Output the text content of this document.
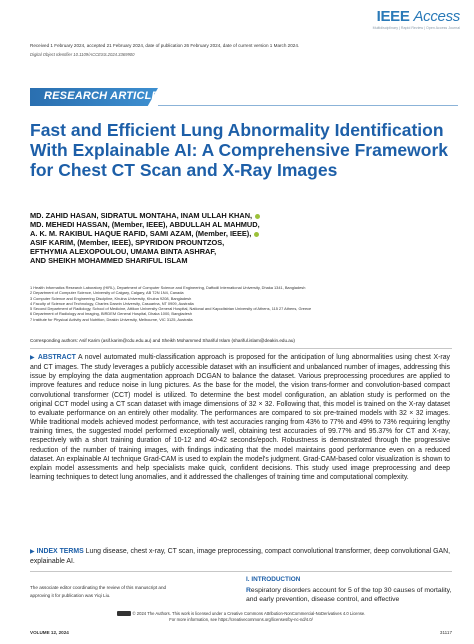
IEEE Access
Multidisciplinary | Rapid Review | Open Access Journal
Received 1 February 2024, accepted 21 February 2024, date of publication 26 February 2024, date of current version 1 March 2024.
Digital Object Identifier 10.1109/ACCESS.2024.3369900
RESEARCH ARTICLE
Fast and Efficient Lung Abnormality Identification With Explainable AI: A Comprehensive Framework for Chest CT Scan and X-Ray Images
MD. ZAHID HASAN, SIDRATUL MONTAHA, INAM ULLAH KHAN,
MD. MEHEDI HASSAN, (Member, IEEE), ABDULLAH AL MAHMUD,
A. K. M. RAKIBUL HAQUE RAFID, SAMI AZAM, (Member, IEEE),
ASIF KARIM, (Member, IEEE), SPYRIDON PROUNTZOS,
EFTHYMIA ALEXOPOULOU, UMAMA BINTA ASHRAF,
AND SHEIKH MOHAMMED SHARIFUL ISLAM
1 Health Informatics Research Laboratory (HIRL), Department of Computer Science and Engineering, Daffodil International University, Dhaka 1341, Bangladesh
2 Department of Computer Science, University of Calgary, Calgary, AB T2N 1N4, Canada
3 Computer Science and Engineering Discipline, Khulna University, Khulna 9208, Bangladesh
4 Faculty of Science and Technology, Charles Darwin University, Casuarina, NT 0909, Australia
5 Second Department of Radiology, School of Medicine, Attikon University General Hospital, National and Kapodistrian University of Athens, 115 27 Athens, Greece
6 Department of Radiology and Imaging, BIRDEM General Hospital, Dhaka 1000, Bangladesh
7 Institute for Physical Activity and Nutrition, Deakin University, Melbourne, VIC 3125, Australia
Corresponding authors: Asif Karim (asif.karim@cdu.edu.au) and Sheikh Mohammed Shariful Islam (shariful.islam@deakin.edu.au)
▶ ABSTRACT A novel automated multi-classification approach is proposed for the anticipation of lung abnormalities using chest X-ray and CT images. The study leverages a publicly accessible dataset with an insufficient and unbalanced number of images, addressing this issue by employing the data augmentation approach DCGAN to balance the dataset. Various preprocessing procedures are applied to improve features and reduce noise in lung pictures. As the base for the model, the vision trans-former and convolution-based compact convolutional transformer (CCT) model is utilized. To determine the best model configuration, an ablation study is performed on the original CCT model using a CT scan dataset with image dimensions of 32 × 32. Following that, this model is trained on the X-ray dataset to evaluate performance on an entirely other modality. The performances are compared to six pre-trained models with 32 × 32 images. While traditional models achieved modest performance, with test accuracies ranging from 43% to 77% and 49% to 73% requiring lengthy training times, the suggested model performed exceptionally well, obtaining test accuracies of 99.77% and 95.37% for CT and X-ray, respectively with a short training duration of 10-12 and 40-42 seconds/epoch. Robustness is demonstrated through the progressive reduction of the number of training images, with findings indicating that the model maintains good performance even on a reduced dataset. An explainable AI technique Grad-CAM is used to explain the model's judgment. Grad-CAM-based color visualization is shown to explain model assessments and help specialists make quick, confident decisions. This study used image preprocessing and deep learning techniques to detect lung anomalies, and it addressed the challenges of training time and computational complexity.
▶ INDEX TERMS Lung disease, chest x-ray, CT scan, image preprocessing, compact convolutional transformer, deep convolutional GAN, explainable AI.
The associate editor coordinating the review of this manuscript and
approving it for publication was Yiqi Liu.
I. INTRODUCTION
Respiratory disorders account for 5 of the top 30 causes of mortality, and early prevention, disease control, and effective
© 2024 The Authors. This work is licensed under a Creative Commons Attribution-NonCommercial-NoDerivatives 4.0 License.
For more information, see https://creativecommons.org/licenses/by-nc-nd/4.0/
VOLUME 12, 2024	31117
